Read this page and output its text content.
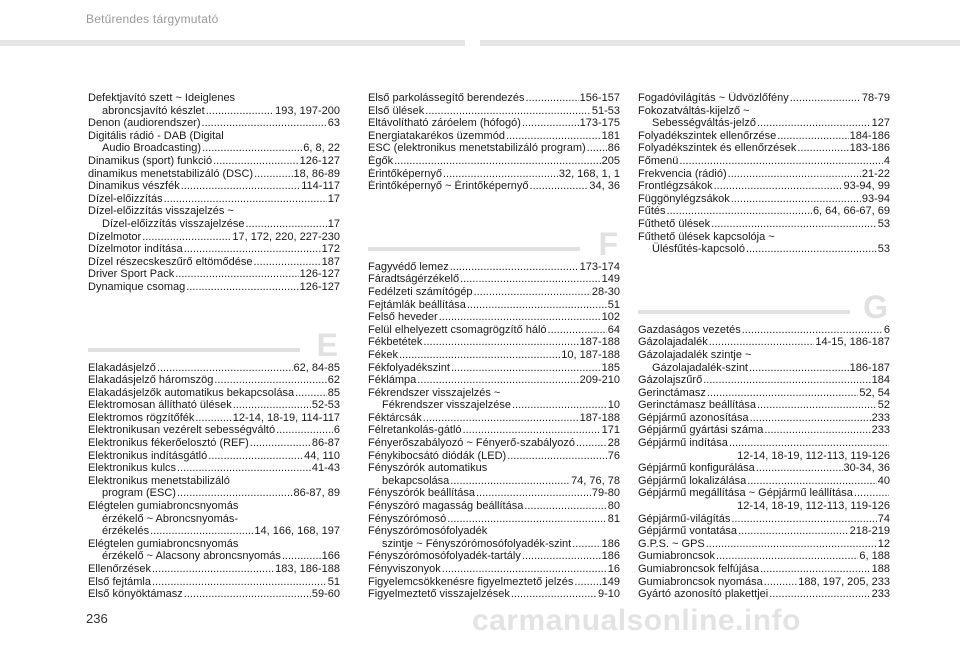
Betűrendes tárgymutató
Defektjavító szett ~ Ideiglenes
abroncsjavító készlet .....	193, 197-200
Denon (audiorendszer) .....	63
Digitális rádió - DAB (Digital
Audio Broadcasting) .....	6, 8, 22
Dinamikus (sport) funkció .....	126-127
dinamikus menetstabilizáló (DSC) .....	18, 86-89
Dinamikus vészfék .....	114-117
Dízel-előizzítás .....	17
Dízel-előizzítás visszajelzés ~
Dízel-előizzítás visszajelzése .....	17
Dízelmotor .....	17, 172, 220, 227-230
Dízelmotor indítása .....	172
Dízel részecskeszűrő eltömődése .....	187
Driver Sport Pack .....	126-127
Dynamique csomag .....	126-127
E
Elakadásjelző .....	62, 84-85
Elakadásjelző háromszög .....	62
Elakadásjelzők automatikus bekapcsolása .....	85
Elektromosan állítható ülések .....	52-53
Elektromos rögzítőfék .....	12-14, 18-19, 114-117
Elektronikusan vezérelt sebességváltó .....	6
Elektronikus fékerőelosztó (REF) .....	86-87
Elektronikus indításgátló .....	44, 110
Elektronikus kulcs .....	41-43
Elektronikus menetstabilizáló
program (ESC) .....	86-87, 89
Elégtelen gumiabroncsnyomás
érzékelő ~ Abroncsnyomás-
érzékelés .....	14, 166, 168, 197
Elégtelen gumiabroncsnyomás
érzékelő ~ Alacsony abroncsnyomás .....	166
Ellenőrzések .....	183, 186-188
Első fejtámla .....	51
Első könyöktámasz .....	59-60
Első parkolássegítő berendezés .....	156-157
Első ülések .....	51-53
Eltávolítható záróelem (hófogó) .....	173-175
Energiatakarékos üzemmód .....	181
ESC (elektronikus menetstabilizáló program) ..... 86
Égők .....	205
Érintőképernyő .....	32, 168, 1, 1
Érintőképernyő ~ Érintőképernyő .....	34, 36
F
Fagyvédő lemez .....	173-174
Fáradtságérzékelő .....	149
Fedélzeti számítógép .....	28-30
Fejtámlák beállítása .....	51
Felső heveder .....	102
Felül elhelyezett csomagrögzítő háló .....	64
Fékbetétek .....	187-188
Fékek .....	10, 187-188
Fékfolyadékszint .....	185
Féklámpa .....	209-210
Fékrendszer visszajelzés ~
Fékrendszer visszajelzése .....	10
Féktárcsák .....	187-188
Félretankolás-gátló .....	171
Fényerőszabályozó ~ Fényerő-szabályozó .....	28
Fénykibocsátó diódák (LED) .....	76
Fényszórók automatikus
bekapcsolása .....	74, 76, 78
Fényszórók beállítása .....	79-80
Fényszóró magasság beállítása .....	80
Fényszórómosó .....	81
Fényszórómosófolyadék
szintje ~ Fényszórómosófolyadék-szint .....	186
Fényszórómosófolyadék-tartály .....	186
Fényviszonyok .....	16
Figyelemcsökkenésre figyelmeztető jelzés .....	149
Figyelmeztető visszajelzések .....	9-10
Fogadóvilágítás ~ Üdvözlőfény .....	78-79
Fokozatváltás-kijelző ~
Sebességváltás-jelző .....	127
Folyadékszintek ellenőrzése .....	184-186
Folyadékszintek és ellenőrzések .....	183-186
Főmenü .....	4
Frekvencia (rádió) .....	21-22
Frontlégzsákok .....	93-94, 99
Függönylégzsákok .....	93-94
Fűtés .....	6, 64, 66-67, 69
Fűthető ülések .....	53
Fűthető ülések kapcsolója ~
Ülésfűtés-kapcsoló .....	53
G
Gazdaságos vezetés .....	6
Gázolajadalék .....	14-15, 186-187
Gázolajadalék szintje ~
Gázolajadalék-szint .....	186-187
Gázolajszűrő .....	184
Gerinctámasz .....	52, 54
Gerinctámasz beállítása .....	52
Gépjármű azonosítása .....	233
Gépjármű gyártási száma .....	233
Gépjármű indítása
.....
12-14, 18-19, 112-113, 119-126
Gépjármű konfigurálása .....	30-34, 36
Gépjármű lokalizálása .....	40
Gépjármű megállítása ~ Gépjármű leállítása
.....
12-14, 18-19, 112-113, 119-126
Gépjármű-világítás .....	74
Gépjármű vontatása .....	218-219
G.P.S. ~ GPS .....	12
Gumiabroncsok .....	6, 188
Gumiabroncsok felfújása .....	188
Gumiabroncsok nyomása .....	188, 197, 205, 233
Gyártó azonosító plakettjei .....	233
236	carmanualsonline.info
